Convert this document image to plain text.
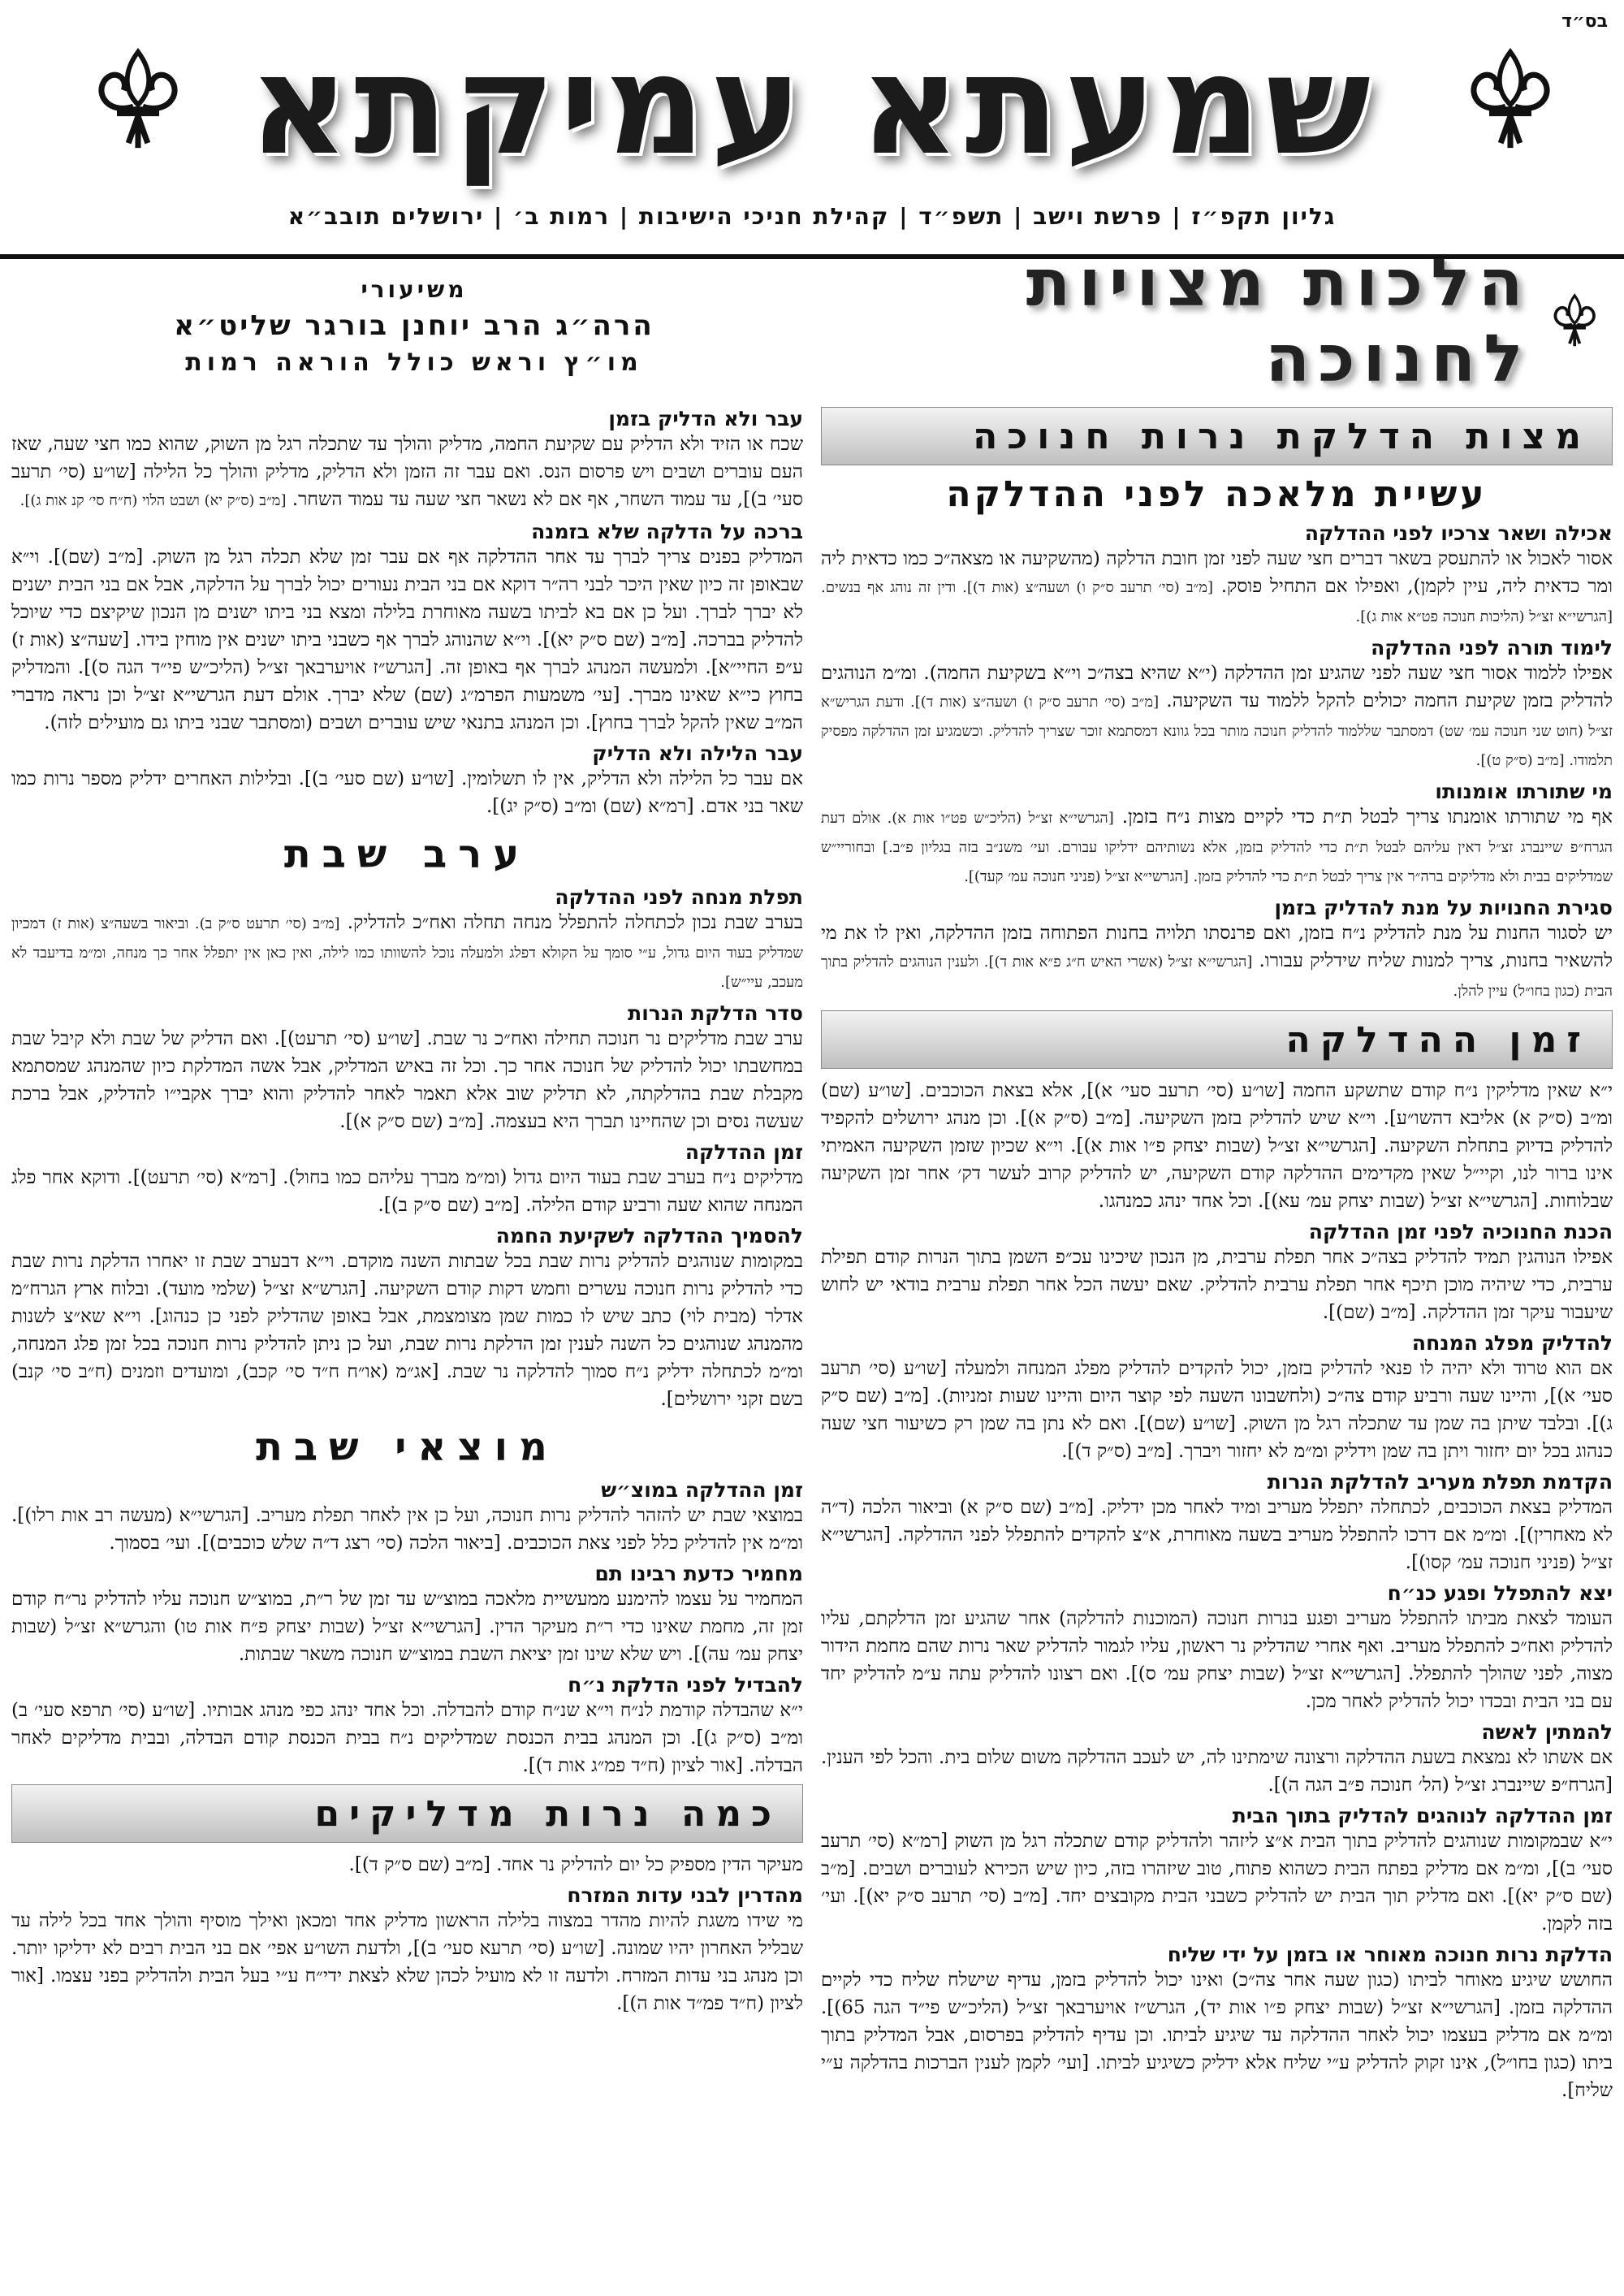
בס״ד
שמעתא עמיקתא
גליון תקפ״ז | פרשת וישב | תשפ״ד | קהילת חניכי הישיבות | רמות ב׳ | ירושלים תובב״א
הלכות מצויות לחנוכה
משיעורי
הרה״ג הרב יוחנן בורגר שליט״א
מו״ץ וראש כולל הוראה רמות
מצות הדלקת נרות חנוכה
עשיית מלאכה לפני ההדלקה
אכילה ושאר צרכיו לפני ההדלקה

אסור לאכול או להתעסק בשאר דברים חצי שעה לפני זמן חובת הדלקה (מהשקיעה או מצאה״כ כמו כדאית ליה ומר כדאית ליה, עיין לקמן), ואפילו אם התחיל פוסק. [מ״ב (סי׳ תרעב ס״ק ו) ושעה״צ (אות ד)]. ודין זה נוהג אף בנשים. [הגרשי״א זצ״ל (הליכות חנוכה פט״א אות ג)].

לימוד תורה לפני ההדלקה

אפילו ללמוד אסור חצי שעה לפני שהגיע זמן ההדלקה (י״א שהיא בצה״כ וי״א בשקיעת החמה). ומ״מ הנוהגים להדליק בזמן שקיעת החמה יכולים להקל ללמוד עד השקיעה. [מ״ב (סי׳ תרעב ס״ק ו) ושעה״צ (אות ד)]. ודעת הגריש״א זצ״ל (חוט שני חנוכה עמ׳ שט) דמסתבר שללמוד להדליק חנוכה מותר בכל גוונא דמסתמא זוכר שצריך להדליק. וכשמגיע זמן ההדלקה מפסיק תלמודו. [מ״ב (ס״ק ט)].

מי שתורתו אומנותו

אף מי שתורתו אומנתו צריך לבטל ת״ת כדי לקיים מצות נ״ח בזמן. [הגרשי״א זצ״ל (הליכ״ש פט״ו אות א). אולם דעת הגרח״פ שיינברג זצ״ל דאין עליהם לבטל ת״ת כדי להדליק בזמן, אלא נשותיהם ידליקו עבורם. ועי׳ משנ״ב בזה בגליון פ״ב.] ובחוריי״ש שמדליקים בבית ולא מדליקים ברה״ר אין צריך לבטל ת״ת כדי להדליק בזמן. [הגרשי״א זצ״ל (פניני חנוכה עמ׳ קעד)].

סגירת החנויות על מנת להדליק בזמן

יש לסגור החנות על מנת להדליק נ״ח בזמן, ואם פרנסתו תלויה בחנות הפתוחה בזמן ההדלקה, ואין לו את מי להשאיר בחנות, צריך למנות שליח שידליק עבורו. [הגרשי״א זצ״ל (אשרי האיש ח״ג פ״א אות ד)]. ולענין הנוהגים להדליק בתוך הבית (כגון בחו״ל) עיין להלן.

זמן ההדלקה

י״א שאין מדליקין נ״ח קודם שתשקע החמה [שו״ע (סי׳ תרעב סעי׳ א)], אלא בצאת הכוכבים. [שו״ע (שם) ומ״ב (ס״ק א) אליבא דהשו״ע]. וי״א שיש להדליק בזמן השקיעה. [מ״ב (ס״ק א)]. וכן מנהג ירושלים להקפיד להדליק בדיוק בתחלת השקיעה. [הגרשי״א זצ״ל (שבות יצחק פ״ו אות א)]. וי״א שכיון שזמן השקיעה האמיתי אינו ברור לנו, וקיי״ל שאין מקדימים ההדלקה קודם השקיעה, יש להדליק קרוב לעשר דק׳ אחר זמן השקיעה שבלוחות. [הגרשי״א זצ״ל (שבות יצחק עמ׳ עא)]. וכל אחד ינהג כמנהגו.

הכנת החנוכיה לפני זמן ההדלקה

אפילו הנוהגין תמיד להדליק בצה״כ אחר תפלת ערבית, מן הנכון שיכינו עכ״פ השמן בתוך הנרות קודם תפילת ערבית, כדי שיהיה מוכן תיכף אחר תפלת ערבית להדליק. שאם יעשה הכל אחר תפלת ערבית בודאי יש לחוש שיעבור עיקר זמן ההדלקה. [מ״ב (שם)].

להדליק מפלג המנחה

אם הוא טרוד ולא יהיה לו פנאי להדליק בזמן, יכול להקדים להדליק מפלג המנחה ולמעלה [שו״ע (סי׳ תרעב סעי׳ א)], והיינו שעה ורביע קודם צה״כ (ולחשבונו השעה לפי קוצר היום והיינו שעות זמניות). [מ״ב (שם ס״ק ג)]. ובלבד שיתן בה שמן עד שתכלה רגל מן השוק. [שו״ע (שם)]. ואם לא נתן בה שמן רק כשיעור חצי שעה כנהוג בכל יום יחזור ויתן בה שמן וידליק ומ״מ לא יחזור ויברך. [מ״ב (ס״ק ד)].

הקדמת תפלת מעריב להדלקת הנרות

המדליק בצאת הכוכבים, לכתחלה יתפלל מעריב ומיד לאחר מכן ידליק. [מ״ב (שם ס״ק א) וביאור הלכה (ד״ה לא מאחרין)]. ומ״מ אם דרכו להתפלל מעריב בשעה מאוחרת, א״צ להקדים להתפלל לפני ההדלקה. [הגרשי״א זצ״ל (פניני חנוכה עמ׳ קסו)].

יצא להתפלל ופגע כנ״ח

העומד לצאת מביתו להתפלל מעריב ופגע בנרות חנוכה (המוכנות להדלקה) אחר שהגיע זמן הדלקתם, עליו להדליק ואח״כ להתפלל מעריב. ואף אחרי שהדליק נר ראשון, עליו לגמור להדליק שאר נרות שהם מחמת הידור מצוה, לפני שהולך להתפלל. [הגרשי״א זצ״ל (שבות יצחק עמ׳ ס)]. ואם רצונו להדליק עתה ע״מ להדליק יחד עם בני הבית ובכדו יכול להדליק לאחר מכן.

להמתין לאשה

אם אשתו לא נמצאת בשעת ההדלקה ורצונה שימתינו לה, יש לעכב ההדלקה משום שלום בית. והכל לפי הענין. [הגרח״פ שיינברג זצ״ל (הל׳ חנוכה פ״ב הגה ה)].

זמן ההדלקה לנוהגים להדליק בתוך הבית

י״א שבמקומות שנוהגים להדליק בתוך הבית א״צ ליזהר ולהדליק קודם שתכלה רגל מן השוק [רמ״א (סי׳ תרעב סעי׳ ב)], ומ״מ אם מדליק בפתח הבית כשהוא פתוח, טוב שיזהרו בזה, כיון שיש הכירא לעוברים ושבים. [מ״ב (שם ס״ק יא)]. ואם מדליק תוך הבית יש להדליק כשבני הבית מקובצים יחד. [מ״ב (סי׳ תרעב ס״ק יא)]. ועי׳ בזה לקמן.

הדלקת נרות חנוכה מאוחר או בזמן על ידי שליח

החושש שיגיע מאוחר לביתו (כגון שעה אחר צה״כ) ואינו יכול להדליק בזמן, עדיף שישלח שליח כדי לקיים ההדלקה בזמן. [הגרשי״א זצ״ל (שבות יצחק פ״ו אות יד), הגרש״ז אויערבאך זצ״ל (הליכ״ש פי״ד הגה 65)]. ומ״מ אם מדליק בעצמו יכול לאחר ההדלקה עד שיגיע לביתו. וכן עדיף להדליק בפרסום, אבל המדליק בתוך ביתו (כגון בחו״ל), אינו זקוק להדליק ע״י שליח אלא ידליק כשיגיע לביתו. [ועי׳ לקמן לענין הברכות בהדלקה ע״י שליח].

עבר ולא הדליק בזמן

שכח או הזיד ולא הדליק עם שקיעת החמה, מדליק והולך עד שתכלה רגל מן השוק, שהוא כמו חצי שעה, שאז העם עוברים ושבים ויש פרסום הנס. ואם עבר זה הזמן ולא הדליק, מדליק והולך כל הלילה [שו״ע (סי׳ תרעב סעי׳ ב)], עד עמוד השחר, אף אם לא נשאר חצי שעה עד עמוד השחר. [מ״ב (ס״ק יא) ושבט הלוי (ח״ח סי׳ קנ אות ג)].

ברכה על הדלקה שלא בזמנה

המדליק בפנים צריך לברך עד אחר ההדלקה אף אם עבר זמן שלא תכלה רגל מן השוק. [מ״ב (שם)]. וי״א שבאופן זה כיון שאין היכר לבני רה״ר דוקא אם בני הבית נעורים יכול לברך על הדלקה, אבל אם בני הבית ישנים לא יברך לברך. ועל כן אם בא לביתו בשעה מאוחרת בלילה ומצא בני ביתו ישנים מן הנכון שיקיצם כדי שיוכל להדליק בברכה. [מ״ב (שם ס״ק יא)]. וי״א שהנוהג לברך אף כשבני ביתו ישנים אין מוחין בידו. [שעה״צ (אות ז) ע״פ החיי״א]. ולמעשה המנהג לברך אף באופן זה. [הגרש״ז אויערבאך זצ״ל (הליכ״ש פי״ד הגה ס)]. והמדליק בחוץ כי״א שאינו מברך. [עי׳ משמעות הפרמ״ג (שם) שלא יברך. אולם דעת הגרשי״א זצ״ל וכן נראה מדברי המ״ב שאין להקל לברך בחוץ]. וכן המנהג בתנאי שיש עוברים ושבים (ומסתבר שבני ביתו גם מועילים לזה).

עבר הלילה ולא הדליק

אם עבר כל הלילה ולא הדליק, אין לו תשלומין. [שו״ע (שם סעי׳ ב)]. ובלילות האחרים ידליק מספר נרות כמו שאר בני אדם. [רמ״א (שם) ומ״ב (ס״ק יג)].

ערב שבת
תפלת מנחה לפני ההדלקה

בערב שבת נכון לכתחלה להתפלל מנחה תחלה ואח״כ להדליק. [מ״ב (סי׳ תרעט ס״ק ב). וביאור בשעה״צ (אות ז) דמכיון שמדליק בעוד היום גדול, ע״י סומך על הקולא דפלג ולמעלה נוכל להשוותו כמו לילה, ואין כאן אין יתפלל אחר כך מנחה, ומ״מ בדיעבד לא מעכב, עיי״ש].

סדר הדלקת הנרות

ערב שבת מדליקים נר חנוכה תחילה ואח״כ נר שבת. [שו״ע (סי׳ תרעט)]. ואם הדליק של שבת ולא קיבל שבת במחשבתו יכול להדליק של חנוכה אחר כך. וכל זה באיש המדליק, אבל אשה המדלקת כיון שהמנהג שמסתמא מקבלת שבת בהדלקתה, לא תדליק שוב אלא תאמר לאחר להדליק והוא יברך אקבי״ו להדליק, אבל ברכת שעשה נסים וכן שהחיינו תברך היא בעצמה. [מ״ב (שם ס״ק א)].

זמן ההדלקה

מדליקים נ״ח בערב שבת בעוד היום גדול (ומ״מ מברך עליהם כמו בחול). [רמ״א (סי׳ תרעט)]. ודוקא אחר פלג המנחה שהוא שעה ורביע קודם הלילה. [מ״ב (שם ס״ק ב)].

להסמיך ההדלקה לשקיעת החמה

במקומות שנוהגים להדליק נרות שבת בכל שבתות השנה מוקדם. וי״א דבערב שבת זו יאחרו הדלקת נרות שבת כדי להדליק נרות חנוכה עשרים וחמש דקות קודם השקיעה. [הגרש״א זצ״ל (שלמי מועד). ובלוח ארץ הגרח״מ אדלר (מבית לוי) כתב שיש לו כמות שמן מצומצמת, אבל באופן שהדליק לפני כן כנהוג]. וי״א שא״צ לשנות מהמנהג שנוהגים כל השנה לענין זמן הדלקת נרות שבת, ועל כן ניתן להדליק נרות חנוכה בכל זמן פלג המנחה, ומ״מ לכתחלה ידליק נ״ח סמוך להדלקה נר שבת. [אג״מ (או״ח ח״ד סי׳ קכב), ומועדים וזמנים (ח״ב סי׳ קנב) בשם זקני ירושלים].

מוצאי שבת
זמן ההדלקה במוצ״ש

במוצאי שבת יש להזהר להדליק נרות חנוכה, ועל כן אין לאחר תפלת מעריב. [הגרשי״א (מעשה רב אות רלו)]. ומ״מ אין להדליק כלל לפני צאת הכוכבים. [ביאור הלכה (סי׳ רצג ד״ה שלש כוכבים)]. ועי׳ בסמוך.

מחמיר כדעת רבינו תם

המחמיר על עצמו להימנע ממעשיית מלאכה במוצ״ש עד זמן של ר״ת, במוצ״ש חנוכה עליו להדליק נר״ח קודם זמן זה, מחמת שאינו כדי ר״ת מעיקר הדין. [הגרשי״א זצ״ל (שבות יצחק פ״ח אות טו) והגרש״א זצ״ל (שבות יצחק עמ׳ עה)]. ויש שלא שינו זמן יציאת השבת במוצ״ש חנוכה משאר שבתות.

להבדיל לפני הדלקת נ״ח

י״א שהבדלה קודמת לנ״ח וי״א שנ״ח קודם להבדלה. וכל אחד ינהג כפי מנהג אבותיו. [שו״ע (סי׳ תרפא סעי׳ ב) ומ״ב (ס״ק ג)]. וכן המנהג בבית הכנסת שמדליקים נ״ח בבית הכנסת קודם הבדלה, ובבית מדליקים לאחר הבדלה. [אור לציון (ח״ד פמ״ג אות ד)].

כמה נרות מדליקים

מעיקר הדין מספיק כל יום להדליק נר אחד. [מ״ב (שם ס״ק ד)].

מהדרין לבני עדות המזרח

מי שידו משגת להיות מהדר במצוה בלילה הראשון מדליק אחד ומכאן ואילך מוסיף והולך אחד בכל לילה עד שבליל האחרון יהיו שמונה. [שו״ע (סי׳ תרעא סעי׳ ב)], ולדעת השו״ע אפי׳ אם בני הבית רבים לא ידליקו יותר. וכן מנהג בני עדות המזרח. ולדעה זו לא מועיל לכהן שלא לצאת ידי״ח ע״י בעל הבית ולהדליק בפני עצמו. [אור לציון (ח״ד פמ״ד אות ה)].
